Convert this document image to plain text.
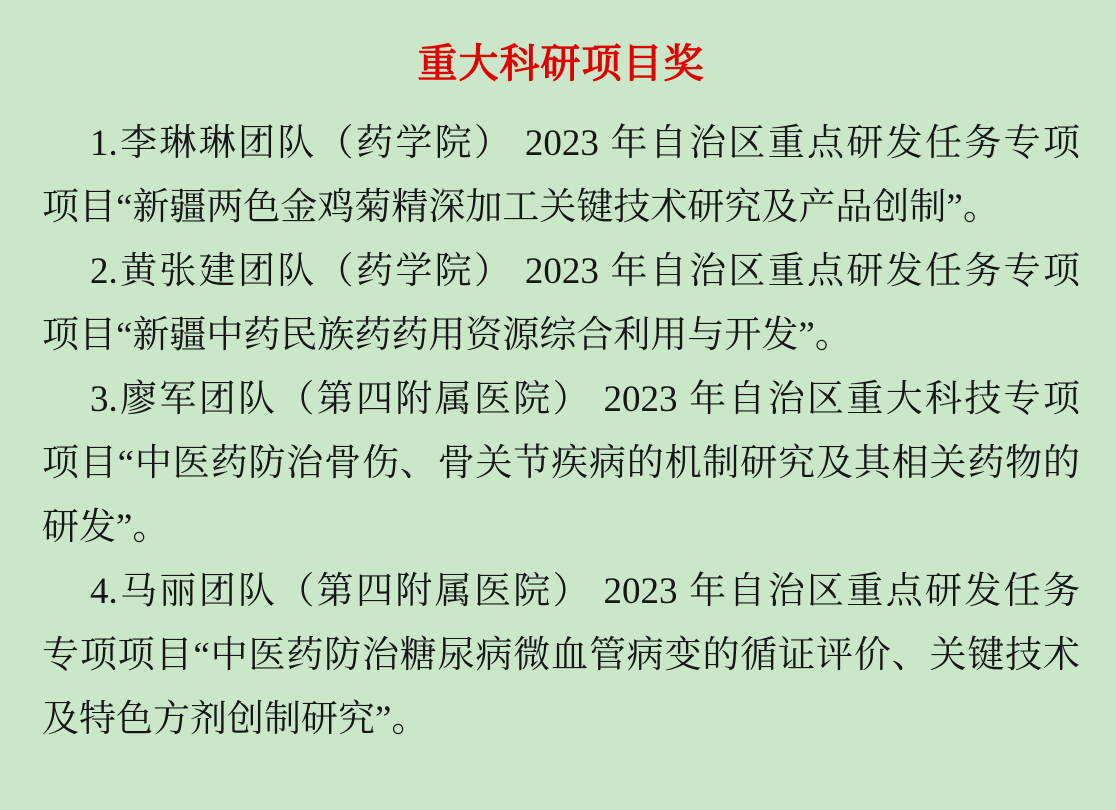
重大科研项目奖
1.李琳琳团队（药学院） 2023 年自治区重点研发任务专项
项目“新疆两色金鸡菊精深加工关键技术研究及产品创制”。
2.黄张建团队（药学院） 2023 年自治区重点研发任务专项
项目“新疆中药民族药药用资源综合利用与开发”。
3.廖军团队（第四附属医院） 2023 年自治区重大科技专项
项目“中医药防治骨伤、骨关节疾病的机制研究及其相关药物的
研发”。
4.马丽团队（第四附属医院） 2023 年自治区重点研发任务
专项项目“中医药防治糖尿病微血管病变的循证评价、关键技术
及特色方剂创制研究”。
